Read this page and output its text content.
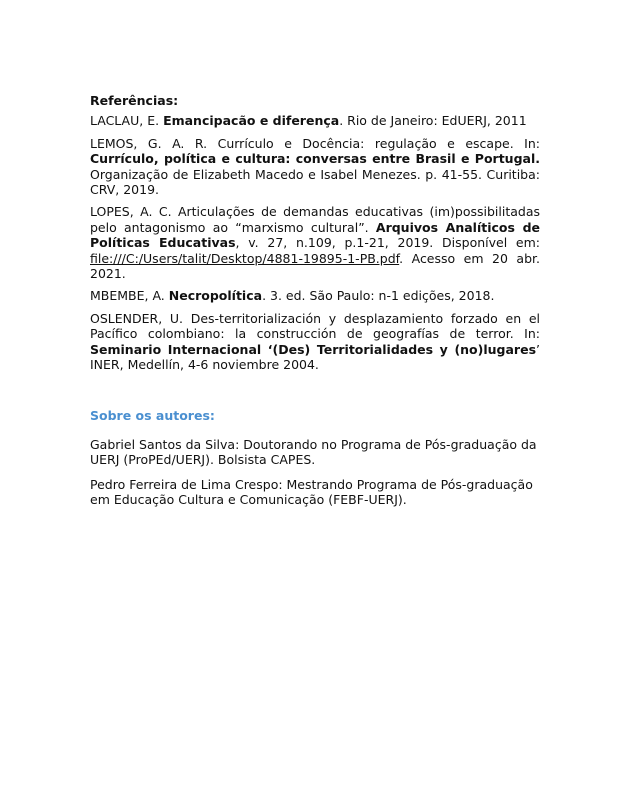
Referências:

LACLAU, E. Emancipacão e diferença. Rio de Janeiro: EdUERJ, 2011

LEMOS, G. A. R. Currículo e Docência: regulação e escape. In: Currículo, política e cultura: conversas entre Brasil e Portugal. Organização de Elizabeth Macedo e Isabel Menezes. p. 41-55. Curitiba: CRV, 2019.

LOPES, A. C. Articulações de demandas educativas (im)possibilitadas pelo antagonismo ao “marxismo cultural”. Arquivos Analíticos de Políticas Educativas, v. 27, n.109, p.1-21, 2019. Disponível em: file:///C:/Users/talit/Desktop/4881-19895-1-PB.pdf. Acesso em 20 abr. 2021.

MBEMBE, A. Necropolítica. 3. ed. São Paulo: n-1 edições, 2018.

OSLENDER, U. Des-territorialización y desplazamiento forzado en el Pacífico colombiano: la construcción de geografías de terror. In: Seminario Internacional ‘(Des) Territorialidades y (no)lugares’ INER, Medellín, 4-6 noviembre 2004.

Sobre os autores:

Gabriel Santos da Silva: Doutorando no Programa de Pós-graduação da UERJ (ProPEd/UERJ). Bolsista CAPES.

Pedro Ferreira de Lima Crespo: Mestrando Programa de Pós-graduação em Educação Cultura e Comunicação (FEBF-UERJ).
